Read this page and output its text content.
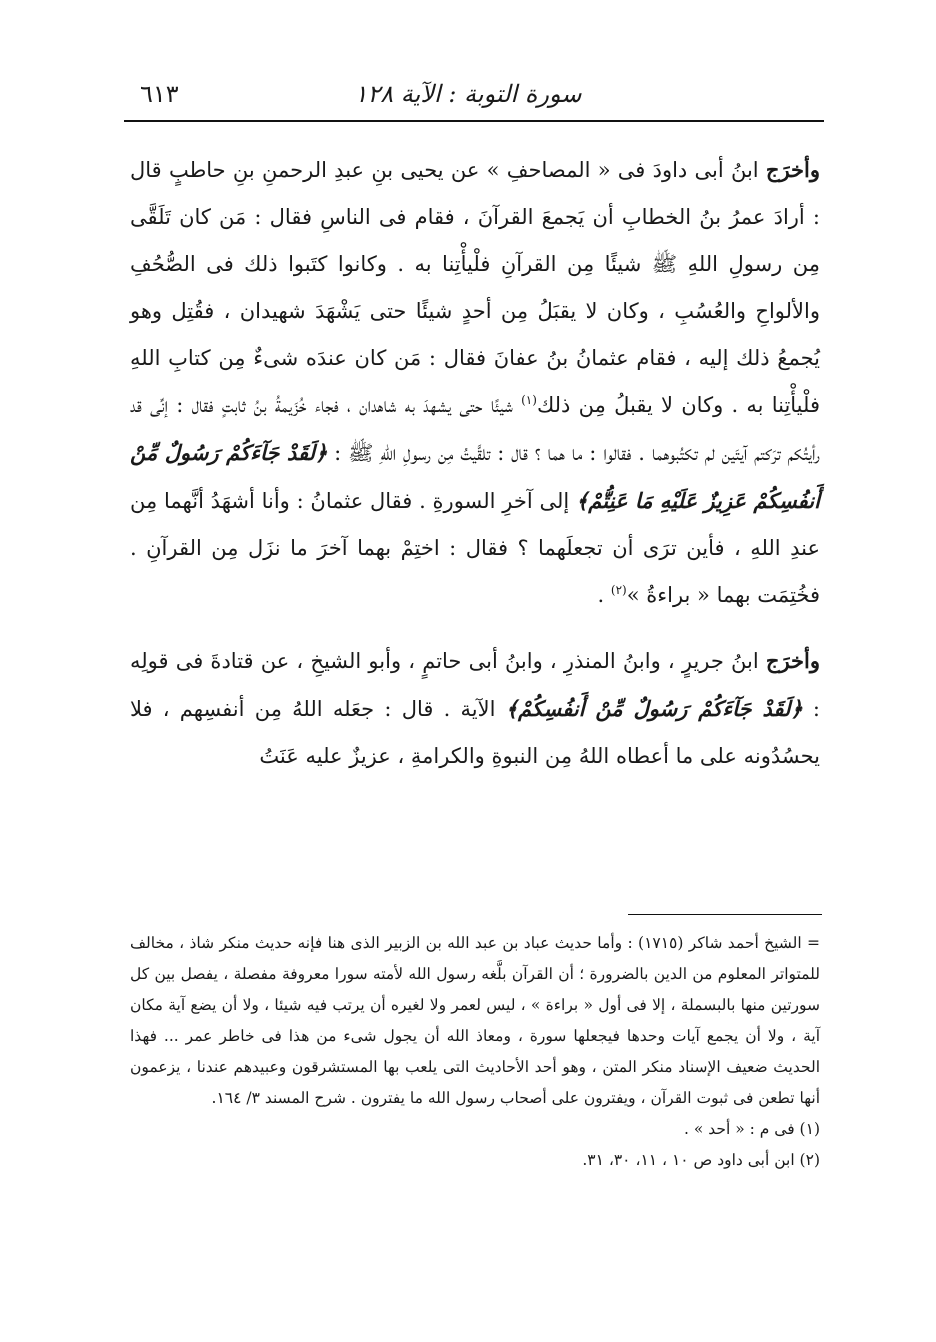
سورة التوبة : الآية ١٢٨
٦١٣

وأخرَج ابنُ أبى داودَ فى « المصاحفِ » عن يحيى بنِ عبدِ الرحمنِ بنِ حاطبٍ قال : أرادَ عمرُ بنُ الخطابِ أن يَجمعَ القرآنَ ، فقام فى الناسِ فقال : مَن كان تَلَقَّى مِن رسولِ اللهِ ﷺ شيئًا مِن القرآنِ فلْيأْتِنا به . وكانوا كتَبوا ذلك فى الصُّحُفِ والألواحِ والعُسُبِ ، وكان لا يقبَلُ مِن أحدٍ شيئًا حتى يَشْهَدَ شهيدان ، فقُتِل وهو يُجمعُ ذلك إليه ، فقام عثمانُ بنُ عفانَ فقال : مَن كان عندَه شىءٌ مِن كتابِ اللهِ فلْيأْتِنا به . وكان لا يقبلُ مِن ذلك$^{(١)}$ شيئًا حتى يشهدَ به شاهدان ، فجاء خُزَيمةُ بنُ ثابتٍ فقال : إنِّى قد رأيتُكم ترَكتم آيتَين لم تكتُبوهما . فقالوا : ما هما ؟ قال : تلقَّيتُ مِن رسولِ اللهِ ﷺ : ﴿لَقَدْ جَآءَكُمْ رَسُولٌ مِّنْ أَنفُسِكُمْ عَزِيزٌ عَلَيْهِ مَا عَنِتُّمْ﴾ إلى آخرِ السورةِ . فقال عثمانُ : وأنا أشهَدُ أنَّهما مِن عندِ اللهِ ، فأين ترَى أن تجعلَهما ؟ فقال : اختِمْ بهما آخرَ ما نزَل مِن القرآنِ . فخُتِمَت بهما « براءةُ »$^{(٢)}$ .

وأخرَج ابنُ جريرٍ ، وابنُ المنذرِ ، وابنُ أبى حاتمٍ ، وأبو الشيخِ ، عن قتادةَ فى قولِه : ﴿لَقَدْ جَآءَكُمْ رَسُولٌ مِّنْ أَنفُسِكُمْ﴾ الآية . قال : جعَله اللهُ مِن أنفسِهم ، فلا يحسُدُونه على ما أعطاه اللهُ مِن النبوةِ والكرامةِ ، عزيزٌ عليه عَنَتُ

= الشيخ أحمد شاكر (١٧١٥) : وأما حديث عباد بن عبد الله بن الزبير الذى هنا فإنه حديث منكر شاذ ، مخالف للمتواتر المعلوم من الدين بالضرورة ؛ أن القرآن بلَّغه رسول الله لأمته سورا معروفة مفصلة ، يفصل بين كل سورتين منها بالبسملة ، إلا فى أول « براءة » ، ليس لعمر ولا لغيره أن يرتب فيه شيئا ، ولا أن يضع آية مكان آية ، ولا أن يجمع آيات وحدها فيجعلها سورة ، ومعاذ الله أن يجول شىء من هذا فى خاطر عمر ... فهذا الحديث ضعيف الإسناد منكر المتن ، وهو أحد الأحاديث التى يلعب بها المستشرقون وعبيدهم عندنا ، يزعمون أنها تطعن فى ثبوت القرآن ، ويفترون على أصحاب رسول الله ما يفترون . شرح المسند ٣/ ١٦٤.

(١) فى م : « أحد » .

(٢) ابن أبى داود ص ١٠ ، ١١، ٣٠، ٣١.
